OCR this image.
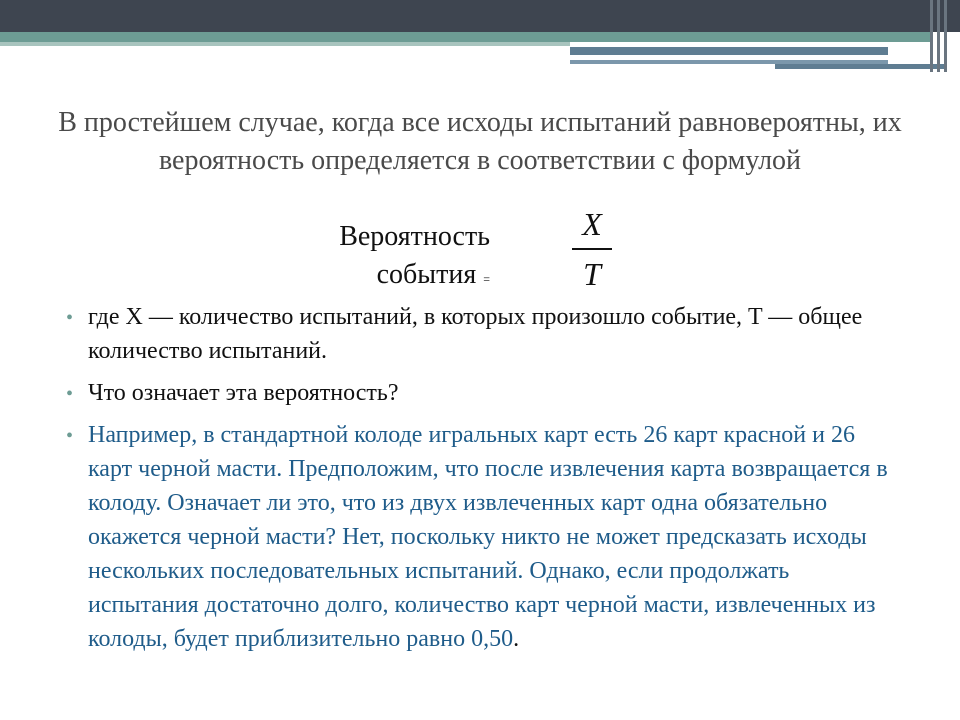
В простейшем случае, когда все исходы испытаний равновероятны, их вероятность определяется в соответствии с формулой
Вероятность
события =
X
T
• где X — количество испытаний, в которых произошло событие, T — общее количество испытаний.
• Что означает эта вероятность?
• Например, в стандартной колоде игральных карт есть 26 карт красной и 26 карт черной масти. Предположим, что после извлечения карта возвращается в колоду. Означает ли это, что из двух извлеченных карт одна обязательно окажется черной масти? Нет, поскольку никто не может предсказать исходы нескольких последовательных испытаний. Однако, если продолжать испытания достаточно долго, количество карт черной масти, извлеченных из колоды, будет приблизительно равно 0,50.
